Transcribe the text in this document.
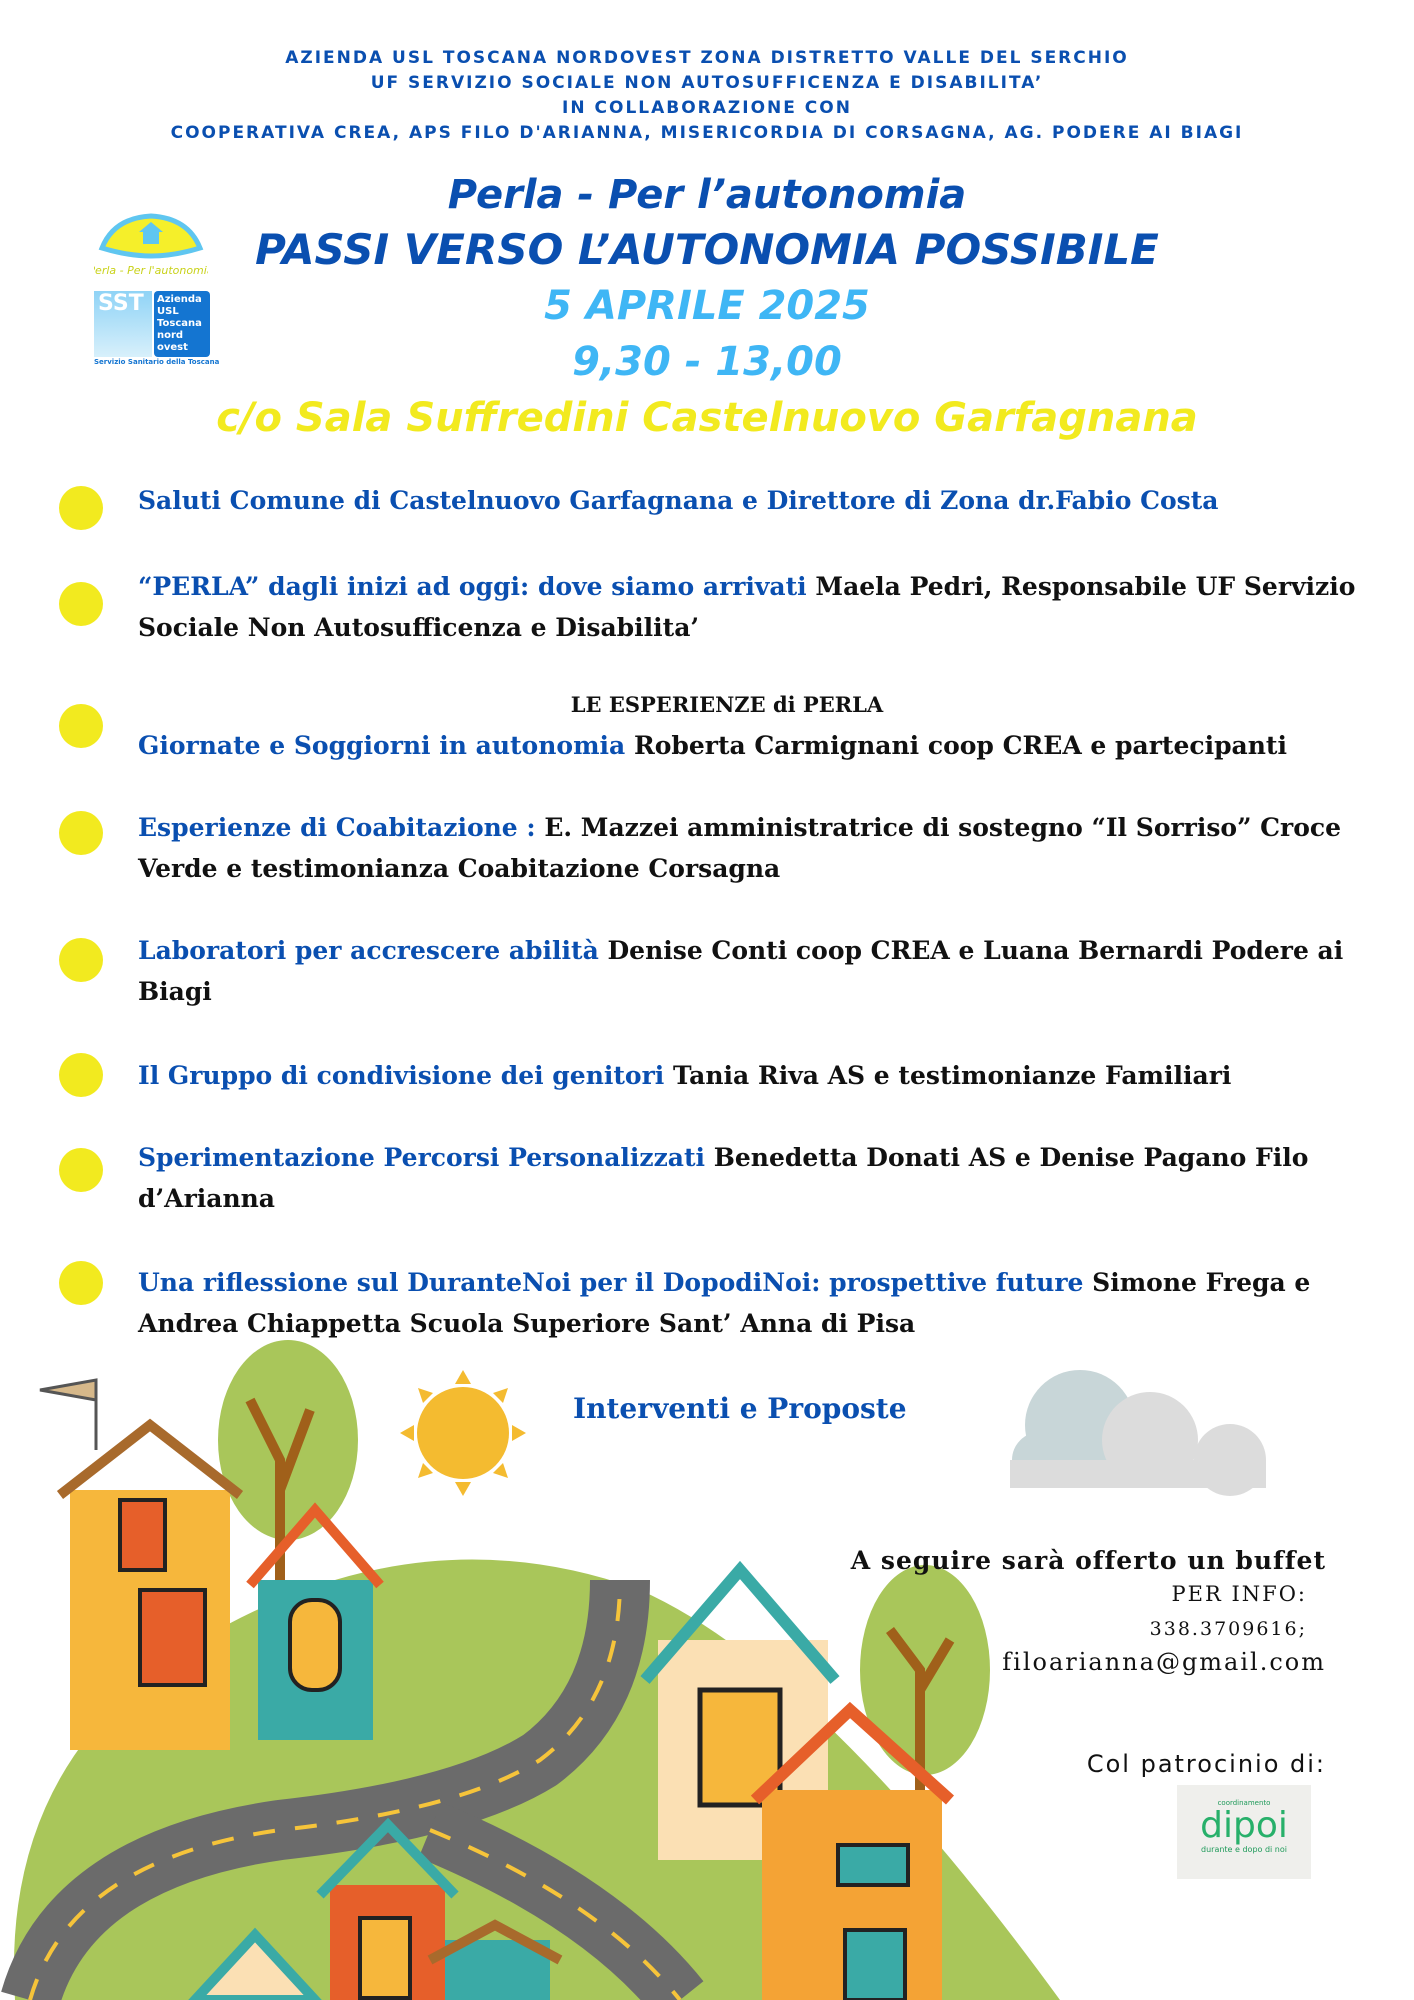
AZIENDA USL TOSCANA NORDOVEST ZONA DISTRETTO VALLE DEL SERCHIO
UF SERVIZIO SOCIALE NON AUTOSUFFICENZA E DISABILITA’
IN COLLABORAZIONE CON
COOPERATIVA CREA, APS FILO D'ARIANNA, MISERICORDIA DI CORSAGNA, AG. PODERE AI BIAGI
Perla - Per l'autonomia
SST Azienda
USL
Toscana
nord ovest
Servizio Sanitario della Toscana
Perla - Per l’autonomia
PASSI VERSO L’AUTONOMIA POSSIBILE
5 APRILE 2025
9,30 - 13,00
c/o Sala Suffredini Castelnuovo Garfagnana
Saluti Comune di Castelnuovo Garfagnana e Direttore di Zona dr.Fabio Costa
“PERLA” dagli inizi ad oggi: dove siamo arrivati Maela Pedri, Responsabile UF Servizio Sociale Non Autosufficenza e Disabilita’
LE ESPERIENZE di PERLA
Giornate e Soggiorni in autonomia Roberta Carmignani coop CREA e partecipanti
Esperienze di Coabitazione : E. Mazzei amministratrice di sostegno “Il Sorriso” Croce Verde e testimonianza Coabitazione Corsagna
Laboratori per accrescere abilità Denise Conti coop CREA e Luana Bernardi Podere ai Biagi
Il Gruppo di condivisione dei genitori Tania Riva AS e testimonianze Familiari
Sperimentazione Percorsi Personalizzati Benedetta Donati AS e Denise Pagano Filo d’Arianna
Una riflessione sul DuranteNoi per il DopodiNoi: prospettive future Simone Frega e Andrea Chiappetta Scuola Superiore Sant’ Anna di Pisa
Interventi e Proposte
A seguire sarà offerto un buffet
PER INFO:
338.3709616;
filoarianna@gmail.com
Col patrocinio di:
coordinamento
dipoi
durante e dopo di noi
